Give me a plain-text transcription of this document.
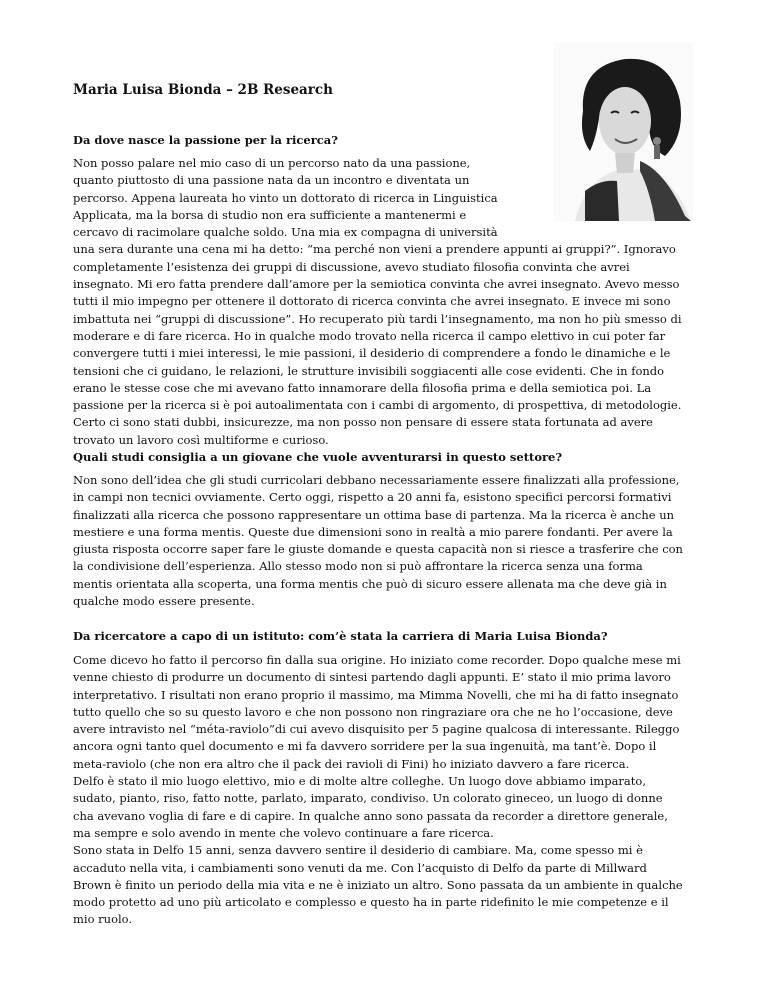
Maria Luisa Bionda – 2B Research
Da dove nasce la passione per la ricerca?
Non posso palare nel mio caso di un percorso nato da una passione,
quanto piuttosto di una passione nata da un incontro e diventata un
percorso. Appena laureata ho vinto un dottorato di ricerca in Linguistica
Applicata, ma la borsa di studio non era sufficiente a mantenermi e
cercavo di racimolare qualche soldo. Una mia ex compagna di università
una sera durante una cena mi ha detto: “ma perché non vieni a prendere appunti ai gruppi?”. Ignoravo
completamente l’esistenza dei gruppi di discussione, avevo studiato filosofia convinta che avrei
insegnato. Mi ero fatta prendere dall’amore per la semiotica convinta che avrei insegnato. Avevo messo
tutti il mio impegno per ottenere il dottorato di ricerca convinta che avrei insegnato. E invece mi sono
imbattuta nei “gruppi di discussione”. Ho recuperato più tardi l’insegnamento, ma non ho più smesso di
moderare e di fare ricerca. Ho in qualche modo trovato nella ricerca il campo elettivo in cui poter far
convergere tutti i miei interessi, le mie passioni, il desiderio di comprendere a fondo le dinamiche e le
tensioni che ci guidano, le relazioni, le strutture invisibili soggiacenti alle cose evidenti. Che in fondo
erano le stesse cose che mi avevano fatto innamorare della filosofia prima e della semiotica poi. La
passione per la ricerca si è poi autoalimentata con i cambi di argomento, di prospettiva, di metodologie.
Certo ci sono stati dubbi, insicurezze, ma non posso non pensare di essere stata fortunata ad avere
trovato un lavoro così multiforme e curioso.
Quali studi consiglia a un giovane che vuole avventurarsi in questo settore?
Non sono dell’idea che gli studi curricolari debbano necessariamente essere finalizzati alla professione,
in campi non tecnici ovviamente. Certo oggi, rispetto a 20 anni fa, esistono specifici percorsi formativi
finalizzati alla ricerca che possono rappresentare un ottima base di partenza. Ma la ricerca è anche un
mestiere e una forma mentis. Queste due dimensioni sono in realtà a mio parere fondanti. Per avere la
giusta risposta occorre saper fare le giuste domande e questa capacità non si riesce a trasferire che con
la condivisione dell’esperienza. Allo stesso modo non si può affrontare la ricerca senza una forma
mentis orientata alla scoperta, una forma mentis che può di sicuro essere allenata ma che deve già in
qualche modo essere presente.
Da ricercatore a capo di un istituto: com’è stata la carriera di Maria Luisa Bionda?
Come dicevo ho fatto il percorso fin dalla sua origine. Ho iniziato come recorder. Dopo qualche mese mi
venne chiesto di produrre un documento di sintesi partendo dagli appunti. E’ stato il mio prima lavoro
interpretativo. I risultati non erano proprio il massimo, ma Mimma Novelli, che mi ha di fatto insegnato
tutto quello che so su questo lavoro e che non possono non ringraziare ora che ne ho l’occasione, deve
avere intravisto nel “méta-raviolo”di cui avevo disquisito per 5 pagine qualcosa di interessante. Rileggo
ancora ogni tanto quel documento e mi fa davvero sorridere per la sua ingenuità, ma tant’è. Dopo il
meta-raviolo (che non era altro che il pack dei ravioli di Fini) ho iniziato davvero a fare ricerca.
Delfo è stato il mio luogo elettivo, mio e di molte altre colleghe. Un luogo dove abbiamo imparato,
sudato, pianto, riso, fatto notte, parlato, imparato, condiviso. Un colorato gineceo, un luogo di donne
cha avevano voglia di fare e di capire. In qualche anno sono passata da recorder a direttore generale,
ma sempre e solo avendo in mente che volevo continuare a fare ricerca.
Sono stata in Delfo 15 anni, senza davvero sentire il desiderio di cambiare. Ma, come spesso mi è
accaduto nella vita, i cambiamenti sono venuti da me. Con l’acquisto di Delfo da parte di Millward
Brown è finito un periodo della mia vita e ne è iniziato un altro. Sono passata da un ambiente in qualche
modo protetto ad uno più articolato e complesso e questo ha in parte ridefinito le mie competenze e il
mio ruolo.
